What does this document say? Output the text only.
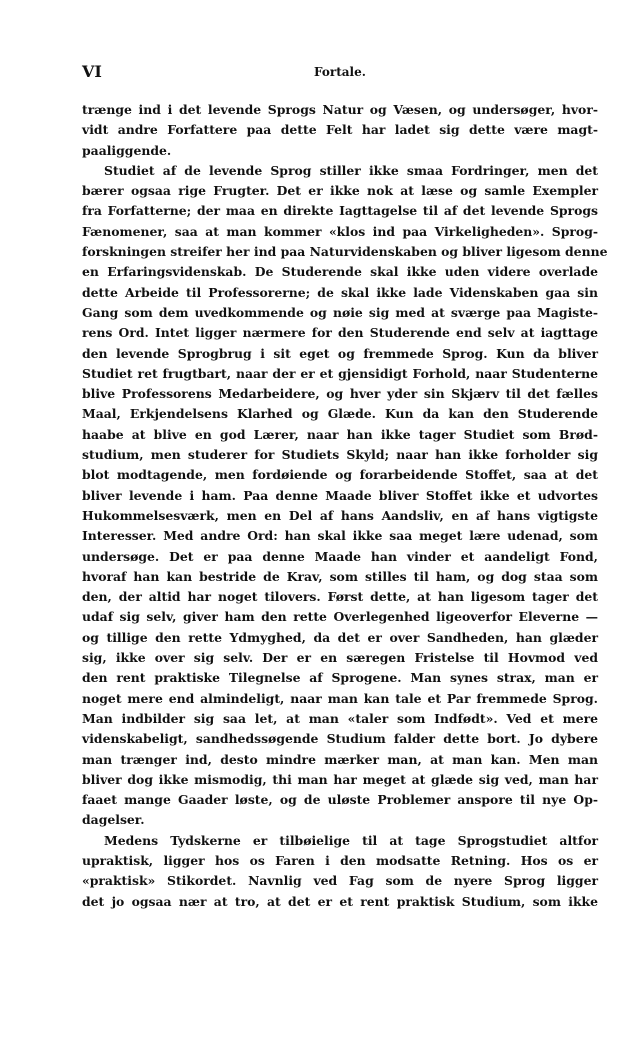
VI	Fortale.
trænge ind i det levende Sprogs Natur og Væsen, og undersøger, hvor-
vidt andre Forfattere paa dette Felt har ladet sig dette være magt-
paaliggende.
Studiet af de levende Sprog stiller ikke smaa Fordringer, men det
bærer ogsaa rige Frugter. Det er ikke nok at læse og samle Exempler
fra Forfatterne; der maa en direkte Iagttagelse til af det levende Sprogs
Fænomener, saa at man kommer «klos ind paa Virkeligheden». Sprog-
forskningen streifer her ind paa Naturvidenskaben og bliver ligesom denne
en Erfaringsvidenskab. De Studerende skal ikke uden videre overlade
dette Arbeide til Professorerne; de skal ikke lade Videnskaben gaa sin
Gang som dem uvedkommende og nøie sig med at sværge paa Magiste-
rens Ord. Intet ligger nærmere for den Studerende end selv at iagttage
den levende Sprogbrug i sit eget og fremmede Sprog. Kun da bliver
Studiet ret frugtbart, naar der er et gjensidigt Forhold, naar Studenterne
blive Professorens Medarbeidere, og hver yder sin Skjærv til det fælles
Maal, Erkjendelsens Klarhed og Glæde. Kun da kan den Studerende
haabe at blive en god Lærer, naar han ikke tager Studiet som Brød-
studium, men studerer for Studiets Skyld; naar han ikke forholder sig
blot modtagende, men fordøiende og forarbeidende Stoffet, saa at det
bliver levende i ham. Paa denne Maade bliver Stoffet ikke et udvortes
Hukommelsesværk, men en Del af hans Aandsliv, en af hans vigtigste
Interesser. Med andre Ord: han skal ikke saa meget lære udenad, som
undersøge. Det er paa denne Maade han vinder et aandeligt Fond,
hvoraf han kan bestride de Krav, som stilles til ham, og dog staa som
den, der altid har noget tilovers. Først dette, at han ligesom tager det
udaf sig selv, giver ham den rette Overlegenhed ligeoverfor Eleverne —
og tillige den rette Ydmyghed, da det er over Sandheden, han glæder
sig, ikke over sig selv. Der er en særegen Fristelse til Hovmod ved
den rent praktiske Tilegnelse af Sprogene. Man synes strax, man er
noget mere end almindeligt, naar man kan tale et Par fremmede Sprog.
Man indbilder sig saa let, at man «taler som Indfødt». Ved et mere
videnskabeligt, sandhedssøgende Studium falder dette bort. Jo dybere
man trænger ind, desto mindre mærker man, at man kan. Men man
bliver dog ikke mismodig, thi man har meget at glæde sig ved, man har
faaet mange Gaader løste, og de uløste Problemer anspore til nye Op-
dagelser.
Medens Tydskerne er tilbøielige til at tage Sprogstudiet altfor
upraktisk, ligger hos os Faren i den modsatte Retning. Hos os er
«praktisk» Stikordet. Navnlig ved Fag som de nyere Sprog ligger
det jo ogsaa nær at tro, at det er et rent praktisk Studium, som ikke
